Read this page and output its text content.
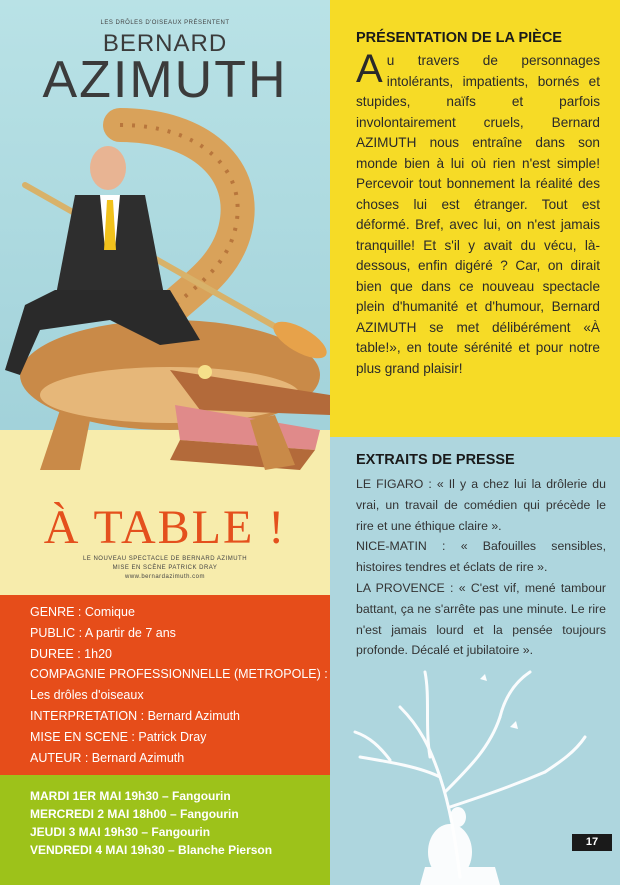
LES DRÔLES D'OISEAUX PRÉSENTENT
BERNARD
AZIMUTH
À TABLE !
LE NOUVEAU SPECTACLE DE BERNARD AZIMUTH
MISE EN SCÈNE PATRICK DRAY
www.bernardazimuth.com
GENRE : Comique
PUBLIC : A partir de 7 ans
DUREE : 1h20
COMPAGNIE PROFESSIONNELLE (METROPOLE) :
Les drôles d'oiseaux
INTERPRETATION : Bernard Azimuth
MISE EN SCENE : Patrick Dray
AUTEUR : Bernard Azimuth
MARDI 1ER MAI 19h30 – Fangourin
MERCREDI 2 MAI 18h00 – Fangourin
JEUDI 3 MAI 19h30 – Fangourin
VENDREDI 4 MAI 19h30 – Blanche Pierson
PRÉSENTATION DE LA PIÈCE

Au travers de personnages intolérants, impatients, bornés et stupides, naïfs et parfois involontairement cruels, Bernard AZIMUTH nous entraîne dans son monde bien à lui où rien n'est simple! Percevoir tout bonnement la réalité des choses lui est étranger. Tout est déformé. Bref, avec lui, on n'est jamais tranquille! Et s'il y avait du vécu, là-dessous, enfin digéré ? Car, on dirait bien que dans ce nouveau spectacle plein d'humanité et d'humour, Bernard AZIMUTH se met délibérément «À table!», en toute sérénité et pour notre plus grand plaisir!

EXTRAITS DE PRESSE

LE FIGARO : « Il y a chez lui la drôlerie du vrai, un travail de comédien qui précède le rire et une éthique claire ».

NICE-MATIN : « Bafouilles sensibles, histoires tendres et éclats de rire ».

LA PROVENCE : « C'est vif, mené tambour battant, ça ne s'arrête pas une minute. Le rire n'est jamais lourd et la pensée toujours profonde. Décalé et jubilatoire ».

17
